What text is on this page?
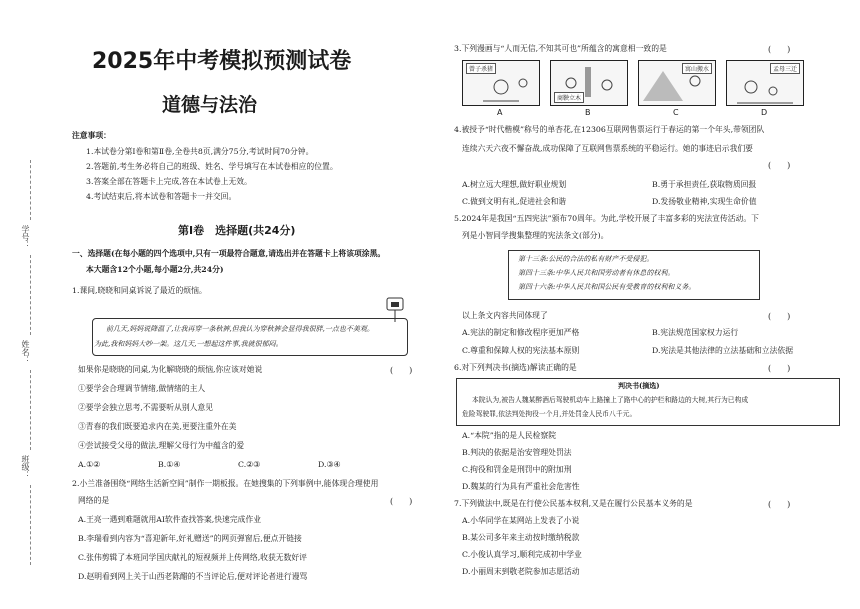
学号：
姓名：
班级：
2025年中考模拟预测试卷
道德与法治
注意事项：
1.本试卷分第Ⅰ卷和第Ⅱ卷,全卷共8页,满分75分,考试时间70分钟。
2.答题前,考生务必将自己的班级、姓名、学号填写在本试卷相应的位置。
3.答案全部在答题卡上完成,答在本试卷上无效。
4.考试结束后,将本试卷和答题卡一并交回。
第Ⅰ卷　选择题(共24分)
一、选择题(在每小题的四个选项中,只有一项最符合题意,请选出并在答题卡上将该项涂黑。
本大题含12个小题,每小题2分,共24分)
1.课间,晓晓和同桌诉说了最近的烦恼。
前几天,妈妈说降温了,让我再穿一条秋裤,但我认为穿秋裤会显得我很胖,一点也不美观。
为此,我和妈妈大吵一架。这几天,一想起这件事,我就很郁闷。
如果你是晓晓的同桌,为化解晓晓的烦恼,你应该对她说	(　　)
①要学会合理调节情绪,做情绪的主人
②要学会独立思考,不需要听从别人意见
③青春的我们既要追求内在美,更要注重外在美
④尝试接受父母的做法,理解父母行为中蕴含的爱
A.①②	B.①④	C.②③	D.③④
2.小兰准备围绕“网络生活新空间”制作一期板报。在她搜集的下列事例中,能体现合理使用
网络的是	(　　)
A.王亮一遇到难题就用AI软件查找答案,快速完成作业
B.李瑞看到内容为“喜迎新年,好礼赠送”的网页弹窗后,便点开链接
C.张伟剪辑了本班同学国庆献礼的短视频并上传网络,收获无数好评
D.赵明看到网上关于山西老陈醋的不当评论后,便对评论者进行谩骂
3.下列漫画与“人而无信,不知其可也”所蕴含的寓意相一致的是	(　　)
曾子杀猪
商鞅立木
寓山搬水	孟母三迁
A	B	C	D
4.被授予“时代楷模”称号的单杏花,在12306互联网售票运行于春运的第一个年头,带领团队
连续六天六夜不懈奋战,成功保障了互联网售票系统的平稳运行。她的事迹启示我们要
(　　)
A.树立远大理想,做好职业规划	B.勇于承担责任,获取物质回报
C.做到文明有礼,促进社会和谐	D.发扬敬业精神,实现生命价值
5.2024年是我国“五四宪法”颁布70周年。为此,学校开展了丰富多彩的宪法宣传活动。下
列是小智同学搜集整理的宪法条文(部分)。
第十三条:公民的合法的私有财产不受侵犯。
第四十三条:中华人民共和国劳动者有休息的权利。
第四十六条:中华人民共和国公民有受教育的权利和义务。
以上条文内容共同体现了	(　　)
A.宪法的制定和修改程序更加严格	B.宪法规范国家权力运行
C.尊重和保障人权的宪法基本原则	D.宪法是其他法律的立法基础和立法依据
6.对下列判决书(摘选)解读正确的是	(　　)
判决书(摘选)
本院认为,被告人魏某醉酒后驾驶机动车上路撞上了路中心的护栏和路边的大树,其行为已构成
危险驾驶罪,依法判处拘役一个月,并处罚金人民币八千元。
A.“本院”指的是人民检察院
B.判决的依据是治安管理处罚法
C.拘役和罚金是刑罚中的附加刑
D.魏某的行为具有严重社会危害性
7.下列做法中,既是在行使公民基本权利,又是在履行公民基本义务的是	(　　)
A.小华同学在某网站上发表了小说
B.某公司多年来主动按时缴纳税款
C.小俊认真学习,顺利完成初中学业
D.小丽周末到敬老院参加志愿活动
